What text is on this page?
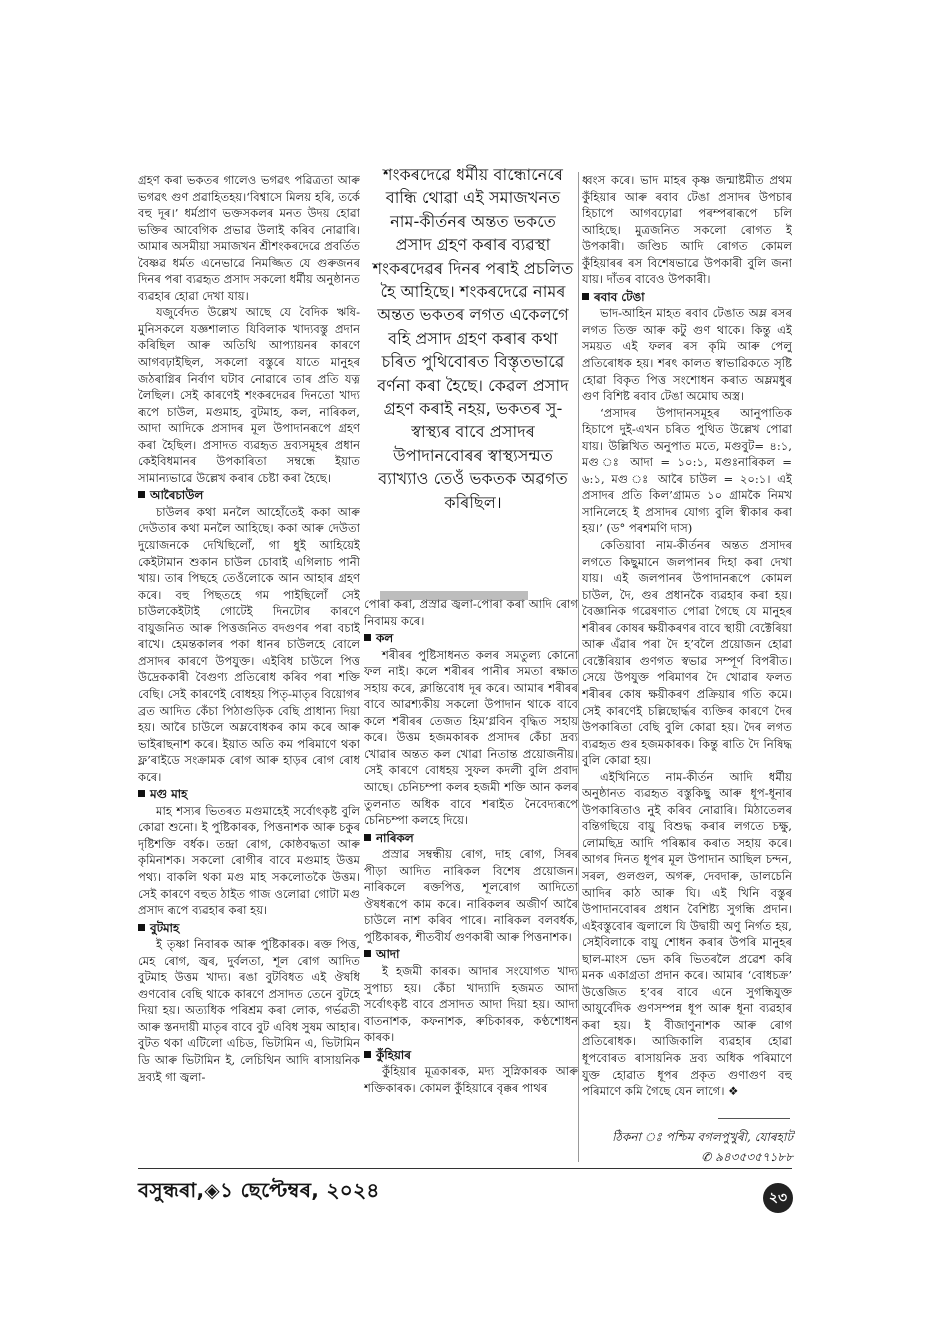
গ্ৰহণ কৰা ভকতৰ গালেও ভগৱৎ পৱিত্ৰতা আৰু ভগৱৎ গুণ প্ৰৱাহিতহয়।‘বিশ্বাসে মিলয় হৰি, তৰ্কে বহু দূৰ।’ ধৰ্মপ্ৰাণ ভক্তসকলৰ মনত উদয় হোৱা ভক্তিৰ আবেগিক প্ৰভাৱ উলাই কৰিব নোৱাৰি। আমাৰ অসমীয়া সমাজখন শ্ৰীশংকৰদেৱে প্ৰবৰ্তিত বৈষ্ণৱ ধৰ্মত এনেভাৱে নিমজ্জিত যে গুৰুজনৰ দিনৰ পৰা ব্যৱহৃত প্ৰসাদ সকলো ধৰ্মীয় অনুষ্ঠানত ব্যৱহাৰ হোৱা দেখা যায়।

যজুৰ্বেদত উল্লেখ আছে যে বৈদিক ঋষি-মুনিসকলে যজ্ঞশালাত যিবিলাক খাদ্যবস্তু প্ৰদান কৰিছিল আৰু অতিথি আপ্যায়নৰ কাৰণে আগবঢ়াইছিল, সকলো বস্তুৰে যাতে মানুহৰ জঠৰাগ্নিৰ নিৰ্বাণ ঘটাব নোৱাৰে তাৰ প্ৰতি যত্ন লৈছিল। সেই কাৰণেই শংকৰদেৱৰ দিনতো খাদ্য ৰূপে চাউল, মগুমাহ, বুটমাহ, কল, নাৰিকল, আদা আদিকে প্ৰসাদৰ মূল উপাদানৰূপে গ্ৰহণ কৰা হৈছিল। প্ৰসাদত ব্যৱহৃত দ্ৰব্যসমূহৰ প্ৰধান কেইবিধমানৰ উপকাৰিতা সম্বন্ধে ইয়াত সামান্যভাৱে উল্লেখ কৰাৰ চেষ্টা কৰা হৈছে।

আৰৈচাউল

চাউলৰ কথা মনলৈ আহোঁতেই ককা আৰু দেউতাৰ কথা মনলৈ আহিছে। ককা আৰু দেউতা দুয়োজনকে দেখিছিলোঁ, গা ধুই আহিয়েই কেইটামান শুকান চাউল চোবাই এগিলাচ পানী খায়। তাৰ পিছহে তেওঁলোকে আন আহাৰ গ্ৰহণ কৰে। বহু পিছতহে গম পাইছিলোঁ সেই চাউলকেইটাই গোটেই দিনটোৰ কাৰণে বায়ুজনিত আৰু পিত্তজনিত বদগুণৰ পৰা বচাই ৰাখে। হেমন্তকালৰ পকা ধানৰ চাউলহে বোলে প্ৰসাদৰ কাৰণে উপযুক্ত। এইবিধ চাউলে পিত্ত উদ্ৰেককাৰী বৈগুণ্য প্ৰতিৰোধ কৰিব পৰা শক্তি বেছি। সেই কাৰণেই বোধহয় পিতৃ-মাতৃৰ বিয়োগৰ ব্ৰত আদিত কেঁচা পিঠাগুড়িক বেছি প্ৰাধান্য দিয়া হয়। আৰৈ চাউলে অম্লবোধকৰ কাম কৰে আৰু ভাইৰাছনাশ কৰে। ইয়াত অতি কম পৰিমাণে থকা ফ্ল’ৰাইডে সংক্ৰামক ৰোগ আৰু হাড়ৰ ৰোগ ৰোধ কৰে।

মগু মাহ

মাহ শস্যৰ ভিতৰত মগুমাহেই সৰ্বোৎকৃষ্ট বুলি কোৱা শুনো। ই পুষ্টিকাৰক, পিত্তনাশক আৰু চকুৰ দৃষ্টিশক্তি বৰ্ধক। তন্দ্ৰা ৰোগ, কোষ্ঠবদ্ধতা আৰু কৃমিনাশক। সকলো ৰোগীৰ বাবে মগুমাহ উত্তম পথ্য। বাকলি থকা মগু মাহ সকলোতকৈ উত্তম। সেই কাৰণে বহুত ঠাইত গাজ ওলোৱা গোটা মগু প্ৰসাদ ৰূপে ব্যৱহাৰ কৰা হয়।

বুটমাহ

ই তৃষ্ণা নিবাৰক আৰু পুষ্টিকাৰক। ৰক্ত পিত্ত, মেহ ৰোগ, জ্বৰ, দুৰ্বলতা, শূল ৰোগ আদিত বুটমাহ উত্তম খাদ্য। ৰঙা বুটবিধত এই ঔষধি গুণবোৰ বেছি থাকে কাৰণে প্ৰসাদত তেনে বুটহে দিয়া হয়। অত্যধিক পৰিশ্ৰম কৰা লোক, গৰ্ভৱতী আৰু স্তনদায়ী মাতৃৰ বাবে বুট এবিধ সুষম আহাৰ। বুটত থকা এটিলো এচিড, ভিটামিন এ, ভিটামিন ডি আৰু ভিটামিন ই, লেচিথিন আদি ৰাসায়নিক দ্ৰব্যই গা জ্বলা-

শংকৰদেৱে ধৰ্মীয় বান্ধোনেৰে বান্ধি থোৱা এই সমাজখনত নাম-কীৰ্তনৰ অন্তত ভকতে প্ৰসাদ গ্ৰহণ কৰাৰ ব্যৱস্থা শংকৰদেৱৰ দিনৰ পৰাই প্ৰচলিত হৈ আহিছে। শংকৰদেৱে নামৰ অন্তত ভকতৰ লগত একেলগে বহি প্ৰসাদ গ্ৰহণ কৰাৰ কথা চৰিত পুথিবোৰত বিস্তৃতভাৱে বৰ্ণনা কৰা হৈছে। কেৱল প্ৰসাদ গ্ৰহণ কৰাই নহয়, ভকতৰ সু-স্বাস্থ্যৰ বাবে প্ৰসাদৰ উপাদানবোৰৰ স্বাস্থ্যসন্মত ব্যাখ্যাও তেওঁ ভকতক অৱগত কৰিছিল।

পোৰা কৰা, প্ৰস্ৰাৱ জ্বলা-পোৰা কৰা আদি ৰোগ নিবাময় কৰে।

কল

শৰীৰৰ পুষ্টিসাধনত কলৰ সমতুল্য কোনো ফল নাই। কলে শৰীৰৰ পানীৰ সমতা ৰক্ষাত সহায় কৰে, ক্লান্তিবোধ দূৰ কৰে। আমাৰ শৰীৰৰ বাবে আৱশ্যকীয় সকলো উপাদান থাকে বাবে কলে শৰীৰৰ তেজত হিম’গ্লবিন বৃদ্ধিত সহায় কৰে। উত্তম হজমকাৰক প্ৰসাদৰ কেঁচা দ্ৰব্য খোৱাৰ অন্তত কল খোৱা নিতান্ত প্ৰয়োজনীয়। সেই কাৰণে বোধহয় সুফল কদলী বুলি প্ৰবাদ আছে। চেনিচম্পা কলৰ হজমী শক্তি আন কলৰ তুলনাত অধিক বাবে শৰাইত নৈবেদ্যৰূপে চেনিচম্পা কলহে দিয়ে।

নাৰিকল

প্ৰস্ৰাৱ সম্বন্ধীয় ৰোগ, দাহ ৰোগ, সিৰৰ পীড়া আদিত নাৰিকল বিশেষ প্ৰয়োজন। নাৰিকলে ৰক্তপিত্ত, শূলৰোগ আদিতো ঔষধৰূপে কাম কৰে। নাৰিকলৰ অজীৰ্ণ আৰৈ চাউলে নাশ কৰিব পাৰে। নাৰিকল বলবৰ্ধক, পুষ্টিকাৰক, শীতবীৰ্য গুণকাৰী আৰু পিত্তনাশক।

আদা

ই হজমী কাৰক। আদাৰ সংযোগত খাদ্য সুপাচ্য হয়। কেঁচা খাদ্যাদি হজমত আদা সৰ্বোৎকৃষ্ট বাবে প্ৰসাদত আদা দিয়া হয়। আদা বাতনাশক, কফনাশক, ৰুচিকাৰক, কণ্ঠশোধন কাৰক।

কুঁহিয়াৰ

কুঁহিয়াৰ মূত্ৰকাৰক, মদ্য সুস্নিকাৰক আৰু শক্তিকাৰক। কোমল কুঁহিয়াৰে বৃক্কৰ পাথৰ

ধ্বংস কৰে। ভাদ মাহৰ কৃষ্ণ জন্মাষ্টমীত প্ৰথম কুঁহিয়াৰ আৰু ৰবাব টেঙা প্ৰসাদৰ উপচাৰ হিচাপে আগবঢ়োৱা পৰম্পৰাৰূপে চলি আহিছে। মুত্ৰজনিত সকলো ৰোগত ই উপকাৰী। জণ্ডিচ আদি ৰোগত কোমল কুঁহিয়াৰৰ ৰস বিশেষভাৱে উপকাৰী বুলি জনা যায়। দাঁতৰ বাবেও উপকাৰী।

ৰবাব টেঙা

ভাদ-আহিন মাহত ৰবাব টেঙাত অম্ল ৰসৰ লগত তিক্ত আৰু কটু গুণ থাকে। কিন্তু এই সময়ত এই ফলৰ ৰস কৃমি আৰু পেলু প্ৰতিৰোধক হয়। শৰৎ কালত স্বাভাৱিকতে সৃষ্টি হোৱা বিকৃত পিত্ত সংশোধন কৰাত অম্লমধুৰ গুণ বিশিষ্ট ৰবাব টেঙা অমোঘ অস্ত্ৰ।

‘প্ৰসাদৰ উপাদানসমূহৰ আনুপাতিক হিচাপে দুই-এখন চৰিত পুথিত উল্লেখ পোৱা যায়। উল্লিখিত অনুপাত মতে, মগুবুট= ৪:১, মগু ঃ আদা = ১০:১, মগুঃনাৰিকল = ৬:১, মগু ঃ আৰৈ চাউল = ২০:১। এই প্ৰসাদৰ প্ৰতি কিল’গ্ৰামত ১০ গ্ৰামকৈ নিমখ সানিলেহে ই প্ৰসাদৰ যোগ্য বুলি স্বীকাৰ কৰা হয়।’ (ড° পৰশমণি দাস)

কেতিয়াবা নাম-কীৰ্তনৰ অন্তত প্ৰসাদৰ লগতে কিছুমানে জলপানৰ দিহা কৰা দেখা যায়। এই জলপানৰ উপাদানৰূপে কোমল চাউল, দৈ, গুৰ প্ৰধানকৈ ব্যৱহাৰ কৰা হয়। বৈজ্ঞানিক গৱেষণাত পোৱা গৈছে যে মানুহৰ শৰীৰৰ কোষৰ ক্ষয়ীকৰণৰ বাবে স্থায়ী বেক্টেৰিয়া আৰু এঁৱাৰ পৰা দৈ হ’বলৈ প্ৰয়োজন হোৱা বেক্টেৰিয়াৰ গুণগত স্বভাৱ সম্পূৰ্ণ বিপৰীত। সেয়ে উপযুক্ত পৰিমাণৰ দৈ খোৱাৰ ফলত শৰীৰৰ কোষ ক্ষয়ীকৰণ প্ৰক্ৰিয়াৰ গতি কমে। সেই কাৰণেই চল্লিছোৰ্দ্ধৰ ব্যক্তিৰ কাৰণে দৈৰ উপকাৰিতা বেছি বুলি কোৱা হয়। দৈৰ লগত ব্যৱহৃত গুৰ হজমকাৰক। কিন্তু ৰাতি দৈ নিষিদ্ধ বুলি কোৱা হয়।

এইখিনিতে নাম-কীৰ্তন আদি ধৰ্মীয় অনুষ্ঠানত ব্যৱহৃত বস্তুকিছু আৰু ধূপ-ধূনাৰ উপকাৰিতাও নুই কৰিব নোৱাৰি। মিঠাতেলৰ বন্তিগছিয়ে বায়ু বিশুদ্ধ কৰাৰ লগতে চক্ষু, লোমছিদ্ৰ আদি পৰিষ্কাৰ কৰাত সহায় কৰে। আগৰ দিনত ধূপৰ মূল উপাদান আছিল চন্দন, সৰল, গুলগুল, অগৰু, দেবদাৰু, ডালচেনি আদিৰ কাঠ আৰু ঘি। এই খিনি বস্তুৰ উপাদানবোৰৰ প্ৰধান বৈশিষ্ট্য সুগন্ধি প্ৰদান। এইবস্তুবোৰ জ্বলালে যি উদ্বায়ী অণু নিৰ্গত হয়, সেইবিলাকে বায়ু শোধন কৰাৰ উপৰি মানুহৰ ছাল-মাংস ভেদ কৰি ভিতৰলৈ প্ৰৱেশ কৰি মনক একাগ্ৰতা প্ৰদান কৰে। আমাৰ ‘বোধচক্ৰ’ উত্তেজিত হ’বৰ বাবে এনে সুগন্ধিযুক্ত আয়ুৰ্বেদিক গুণসম্পন্ন ধূপ আৰু ধূনা ব্যৱহাৰ কৰা হয়। ই বীজাণুনাশক আৰু ৰোগ প্ৰতিৰোধক। আজিকালি ব্যৱহাৰ হোৱা ধূপবোৰত ৰাসায়নিক দ্ৰব্য অধিক পৰিমাণে যুক্ত হোৱাত ধূপৰ প্ৰকৃত গুণাগুণ বহু পৰিমাণে কমি গৈছে যেন লাগে। ❖

ঠিকনা ঃ পশ্চিম বগলপুখুৰী, যোৰহাট
✆ ৯৪৩৫৩৫৭১৮৮
বসুন্ধৰা,◈১ ছেপ্টেম্বৰ, ২০২৪	২৩
